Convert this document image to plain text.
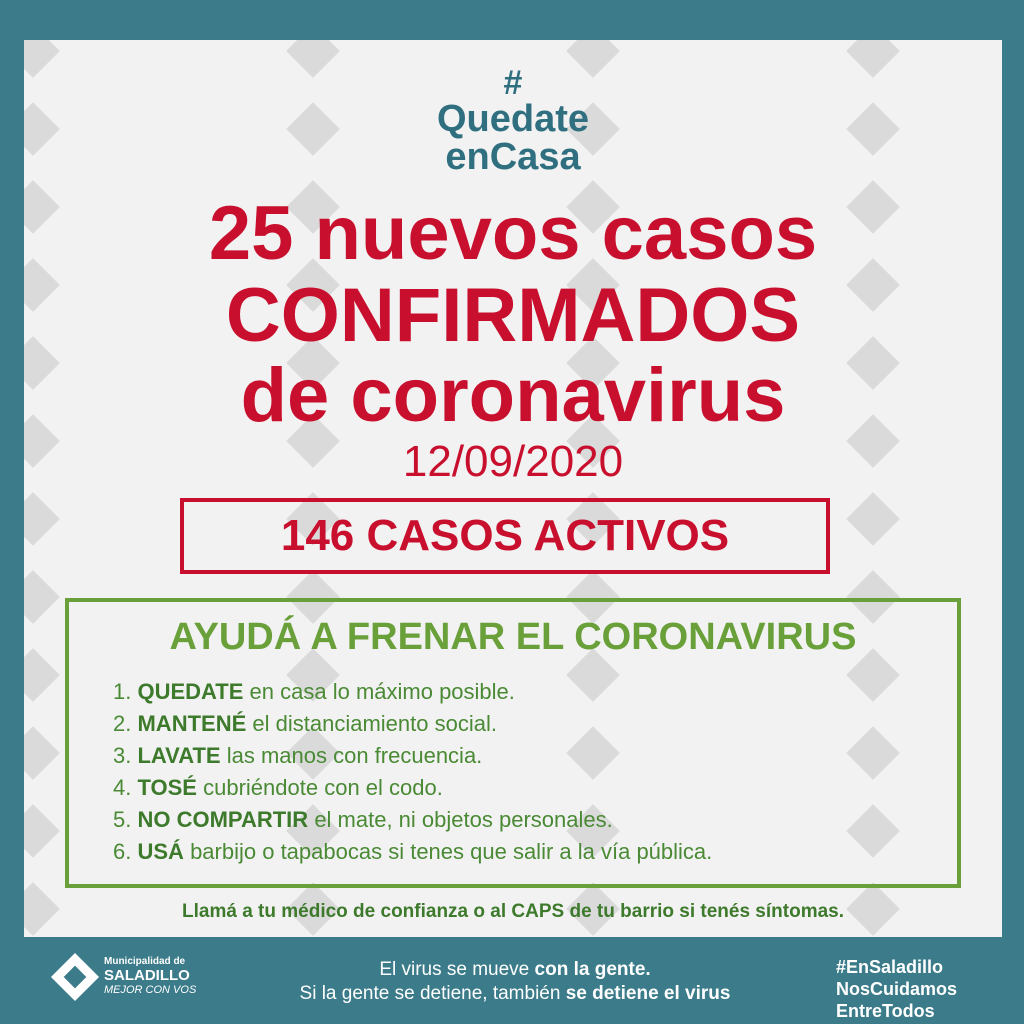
#
Quedate
enCasa
25 nuevos casos
CONFIRMADOS
de coronavirus
12/09/2020
146 CASOS ACTIVOS
AYUDÁ A FRENAR EL CORONAVIRUS
1. QUEDATE en casa lo máximo posible.
2. MANTENÉ el distanciamiento social.
3. LAVATE las manos con frecuencia.
4. TOSÉ cubriéndote con el codo.
5. NO COMPARTIR el mate, ni objetos personales.
6. USÁ barbijo o tapabocas si tenes que salir a la vía pública.
Llamá a tu médico de confianza o al CAPS de tu barrio si tenés síntomas.
Municipalidad de
SALADILLO
MEJOR CON VOS
El virus se mueve con la gente.
Si la gente se detiene, también se detiene el virus
#EnSaladillo
NosCuidamos
EntreTodos
